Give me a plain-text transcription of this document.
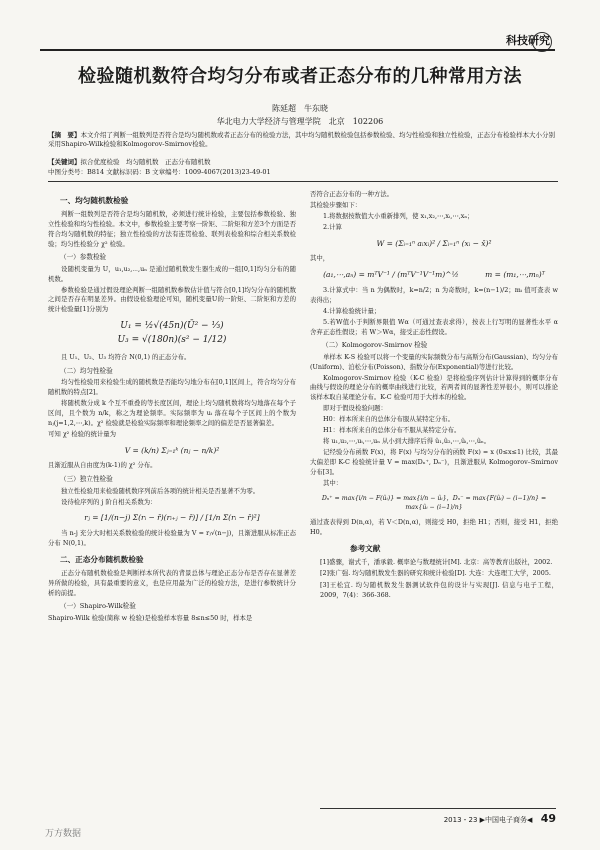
科技研究
检验随机数符合均匀分布或者正态分布的几种常用方法
陈延超　牛东晓
华北电力大学经济与管理学院　北京　102206
【摘　要】本文介绍了判断一组数列是否符合是均匀随机数或者正态分布的检验方法，其中均匀随机数检验包括参数检验、均匀性检验和独立性检验，正态分布检验样本大小分别采用Shapiro-Wilk检验和Kolmogorov-Smirnov检验。
【关键词】拟合优度检验　均匀随机数　正态分布随机数
中图分类号：B814 文献标识码：B 文章编号：1009-4067(2013)23-49-01
一、均匀随机数检验

判断一组数列是否符合是均匀随机数，必须进行统计检验，主要包括参数检验、独立性检验和均匀性检验。本文中，参数检验主要考察一阶矩、二阶矩和方差3个方面是否符合均匀随机数的特征；独立性检验的方法有连贯检验、联列表检验和综合相关系数检验；均匀性检验分 χ² 检验。

（一）参数检验

设随机变量为 U，u₁,u₂,⋯,uₙ 是通过随机数发生器生成的一组[0,1]均匀分布的随机数。

参数检验是通过假设理论判断一组随机数参数估计值与符合[0,1]均匀分布的随机数之间是否存在明显差异。由假设检验理论可知，随机变量U的一阶矩、二阶矩和方差的统计检验量[1]分别为

U₁ = ½√(45n)(Ū² − ⅓) U₃ = √(180n)(s² − 1/12)

且 U₁、U₂、U₃ 均符合 N(0,1) 的正态分布。

（二）均匀性检验

均匀性检验用来检验生成的随机数是否能均匀地分布在[0,1]区间上，符合均匀分布随机数的特点[2]。

将随机数分成 k 个互不重叠的等长度区间，理论上均匀随机数将均匀地落在每个子区间，且个数为 n/k，称之为理论频率。实际频率为 uᵢ 落在每个子区间上的个数为 nⱼ(j=1,2,⋯,k)。χ² 检验就是检验实际频率和理论频率之间的偏差是否显著偏差。

可知 χ² 检验的统计量为

V = (k/n) Σⱼ₌₁ᵏ (nⱼ − n/k)²

且渐近服从自由度为(k-1)的 χ² 分布。

（三）独立性检验

独立性检验用来检验随机数序列前后各项的统计相关是否显著不为零。

设待检序列的 j 阶自相关系数为：

rⱼ = [1/(n−j) Σ(rᵢ − r̄)(rᵢ₊ⱼ − r̄)] / [1/n Σ(rᵢ − r̄)²]

当 n-j 充分大时相关系数检验的统计检验量为 V = rⱼ√(n−j)，且渐进服从标准正态分布 N(0,1)。

二、正态分布随机数检验

正态分布随机数检验是判断样本所代表的背景总体与理论正态分布是否存在显著差异所做的检验，具有最重要的意义，也是应用最为广泛的检验方法，是进行参数统计分析的前提。

（一）Shapiro-Wilk检验

Shapiro-Wilk 检验(简称 w 检验)是检验样本容量 8≤n≤50 时，样本是

否符合正态分布的一种方法。

其检验步骤如下：

1.将数据按数值大小重新排列，使 x₁,x₂,⋯,xᵢ,⋯,xₙ；

2.计算

W = (Σᵢ₌₁ⁿ aᵢxᵢ)² / Σᵢ₌₁ⁿ (xᵢ − x̄)²

其中，

(a₁,⋯,aₙ) = mᵀV⁻¹ / (mᵀV⁻¹V⁻¹m)^½	m = (m₁,⋯,mₙ)ᵀ

3.计算式中：当 n 为偶数时，k=n/2；n 为奇数时，k=(n−1)/2；mᵢ 值可查表 w 表得出；

4.计算检验统计量；

5.若W值小于判断界限值 Wα（可通过查表求得），按表上行写明的显著性水平 α 舍弃正态性假设；若 W＞Wα，接受正态性假设。

（二）Kolmogorov-Smirnov 检验

单样本 K-S 检验可以将一个变量的实际频数分布与高斯分布(Gaussian)、均匀分布(Uniform)、泊松分布(Poisson)、指数分布(Exponential)等进行比较。

Kolmogorov-Smirnov 检验（K-C 检验）是将检验序列估计计算得到的概率分布曲线与假设的理论分布的概率曲线进行比较，若两者间的显著性差异很小，则可以推论该样本取自某理论分布。K-C 检验可用于大样本的检验。

即对于假设检验问题：

H0：样本所来自的总体分布服从某特定分布。

H1：样本所来自的总体分布不服从某特定分布。

将 u₁,u₂,⋯,uᵢ,⋯,uₙ 从小到大排序后得 û₁,û₂,⋯,ûᵢ,⋯,ûₙ。

记经验分布函数 F(x)，将 F(x) 与均匀分布的函数 F(x) = x (0≤x≤1) 比较，其最大偏差即 K-C 检验统计量 V = max(Dₙ⁺, Dₙ⁻)，且渐进服从 Kolmogorov–Smirnov 分布[3]。

其中：

Dₙ⁺ = max{i/n − F(ûᵢ)} = max{i/n − ûᵢ}，Dₙ⁻ = max{F(ûᵢ) − (i−1)/n} = max{ûᵢ − (i−1)/n}

通过查表得到 D(n,α)，若 V＜D(n,α)，则接受 H0，拒绝 H1；否则，接受 H1，拒绝 H0。

参考文献

[1]盛骤，谢式千，潘承毅. 概率论与数理统计[M]. 北京：高等教育出版社，2002.

[2]张广强. 均匀随机数发生器的研究和统计检验[D]. 大连：大连理工大学，2005.

[3]王松宜. 均匀随机数发生器测试软件包的设计与实现[J]. 信息与电子工程，2009，7(4)：366-368.

2013・23 ▶中国电子商务◀ 49
万方数据
